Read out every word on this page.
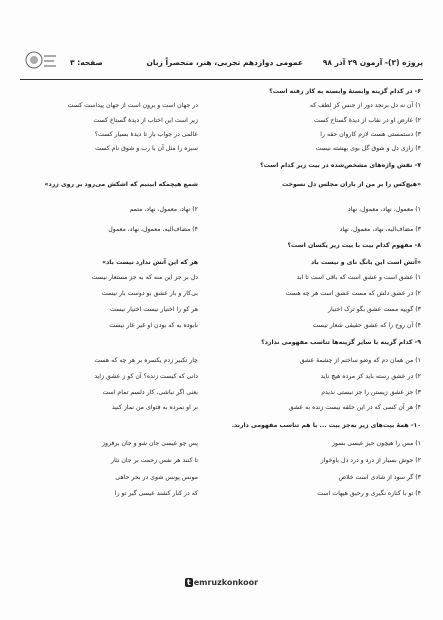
پروژه (۳)- آزمون ۲۹ آذر ۹۸
عمومی دوازدهم تجربی، هنر، منحصراً زبان
صفحه: ۳
۶- در کدام گزینه وابستهٔ وابسته به کار رفته است؟
۱) آن نه دل برنجد دور از جنس کز لطف که
۲) عارض او در نقاب از دیدهٔ گستاخ کست
۳) دستمستی هست لازم کاروان حقه را
۴) رازی دل و شوق گل بوی بهشته نیست
۷- نقش واژه‌های مشخص‌شده در بیت زیر کدام است؟
«هیچ‌کس را بر من از باران مجلس دل نسوخت
۱) معمول، نهاد، معمول، نهاد
۳) مضاف‌الیه، نهاد، معمول، نهاد
۸- مفهوم کدام بیت با بیت زیر یکسان است؟
«آتش است این بانگ نای و نیست باد
۱) عشق است و عشق است که باقی است تا ابد
۲) در عشق دلش که مست عشق است هر چه هست
۳) گوییه مست عشق بگو ترک اختیار
۴) آن روح را که عشق حقیقی شعار نیست
۹- کدام گزینه با سایر گزینه‌ها تناسب مفهومی ندارد؟
۱) من همان دم که وضو ساختم از چشمهٔ عشق
۲) در عشق رسته باید کز مرده هیچ ناید
۳) جز عشق زیستن را جز نیستی ندیدم
۴) هر آن کسی که در این حلقه نیست زنده به عشق
۱۰- همهٔ بیت‌های زیر به‌جز بیت ... با هم تناسب مفهومی دارند.
۱) مس را هیچون حیز عیسی بسوز
۲) جوش بسیار از درد و درد دل باوخوار
۳) گر سود از شادی است خلاص
۴) تو با کناره نگیری و رحیق هیهات است
در جهان است و برون است از جهان پیداست کست
زیر است این اختاب از دیدهٔ گستاخ کست
عالمی در جواب بار تا دیدهٔ بسیار کست؟
سبزه را مثل آن با رب و شوق نام کست
شمع هیچمکه ابینیم که اشکش می‌رود بر روی زرد»
۲) نهاد، معمول، نهاد، متمم
۴) مضاف‌الیه، معمول، نهاد، معمول
هر که این آتش ندارد نیست باد»
دل بر جز این منه که به جز مستعار نیست
بی‌کار و بار عشق بو دوست بار نیست
هر کو را اختیار نیست اختیار نیست
نابوده به که بودن او غیر عار نیست
چار تکبیر زدم یکسره بر هر چه که هست
دانی که کیست زنده؟ آن کو ز عشق زاید
یعنی اگر نباشی، کار دلسم تمام است
بر او نمرده به فتوای من نماز کنید
پس چو عیسی جان شو و جان برفروز
تا کنند هر نفس زحمت بر جان نثار
مونس پونس شوی در بحر حاهی
که در کنار کشند عیسی گیر تو را
t emruzkonkoor
